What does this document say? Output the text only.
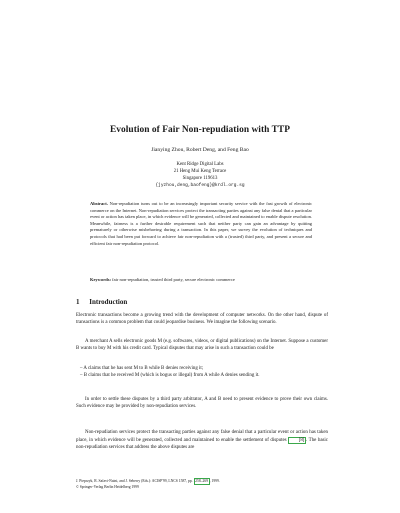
Evolution of Fair Non-repudiation with TTP
Jianying Zhou, Robert Deng, and Feng Bao
Kent Ridge Digital Labs
21 Heng Mui Keng Terrace
Singapore 119613
{jyzhou,deng,baofeng}@krdl.org.sg
Abstract. Non-repudiation turns out to be an increasingly important security service with the fast growth of electronic commerce on the Internet. Non-repudiation services protect the transacting parties against any false denial that a particular event or action has taken place, in which evidence will be generated, collected and maintained to enable dispute resolution. Meanwhile, fairness is a further desirable requirement such that neither party can gain an advantage by quitting prematurely or otherwise misbehaving during a transaction. In this paper, we survey the evolution of techniques and protocols that had been put forward to achieve fair non-repudiation with a (trusted) third party, and present a secure and efficient fair non-repudiation protocol.
Keywords: fair non-repudiation, trusted third party, secure electronic commerce
1 Introduction
Electronic transactions become a growing trend with the development of computer networks. On the other hand, dispute of transactions is a common problem that could jeopardise business. We imagine the following scenario.
A merchant A sells electronic goods M (e.g. softwares, videos, or digital publications) on the Internet. Suppose a customer B wants to buy M with his credit card. Typical disputes that may arise in such a transaction could be
– A claims that he has sent M to B while B denies receiving it;
– B claims that he received M (which is bogus or illegal) from A while A denies sending it.
In order to settle these disputes by a third party arbitrator, A and B need to present evidence to prove their own claims. Such evidence may be provided by non-repudiation services.
Non-repudiation services protect the transacting parties against any false denial that a particular event or action has taken place, in which evidence will be generated, collected and maintained to enable the settlement of disputes [8] . The basic non-repudiation services that address the above disputes are
J. Pieprzyk, R. Safavi-Naini, and J. Seberry (Eds.): ACISP'99, LNCS 1587, pp. 258–269 , 1999.
© Springer-Verlag Berlin Heidelberg 1999
